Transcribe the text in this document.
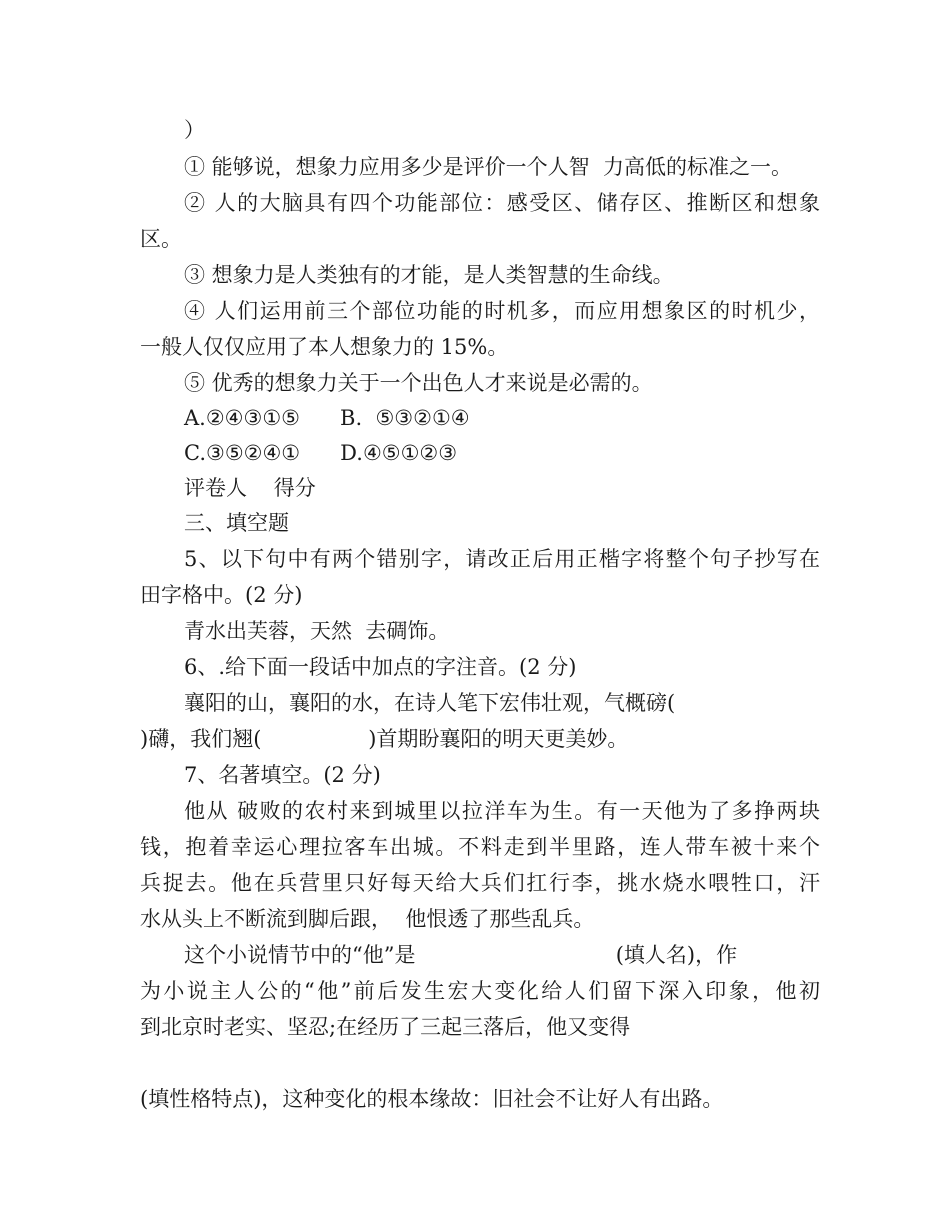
）
① 能够说，想象力应用多少是评价一个人智  力高低的标准之一。
② 人的大脑具有四个功能部位：感受区、储存区、推断区和想象
区。
③ 想象力是人类独有的才能，是人类智慧的生命线。
④ 人们运用前三个部位功能的时机多，而应用想象区的时机少，
一般人仅仅应用了本人想象力的 15%。
⑤ 优秀的想象力关于一个出色人才来说是必需的。
A.②④③①⑤      B.  ⑤③②①④
C.③⑤②④①      D.④⑤①②③
评卷人    得分
三、填空题
5、以下句中有两个错别字，请改正后用正楷字将整个句子抄写在
田字格中。(2 分)
青水出芙蓉，天然  去碉饰。
6、.给下面一段话中加点的字注音。(2 分)
襄阳的山，襄阳的水，在诗人笔下宏伟壮观，气概磅(
)礴，我们翘(                )首期盼襄阳的明天更美妙。
7、名著填空。(2 分)
他从 破败的农村来到城里以拉洋车为生。有一天他为了多挣两块
钱，抱着幸运心理拉客车出城。不料走到半里路，连人带车被十来个
兵捉去。他在兵营里只好每天给大兵们扛行李，挑水烧水喂牲口，汗
水从头上不断流到脚后跟，  他恨透了那些乱兵。
这个小说情节中的“他”是                              (填人名)，作
为小说主人公的“他”前后发生宏大变化给人们留下深入印象，他初
到北京时老实、坚忍;在经历了三起三落后，他又变得
(填性格特点)，这种变化的根本缘故：旧社会不让好人有出路。
